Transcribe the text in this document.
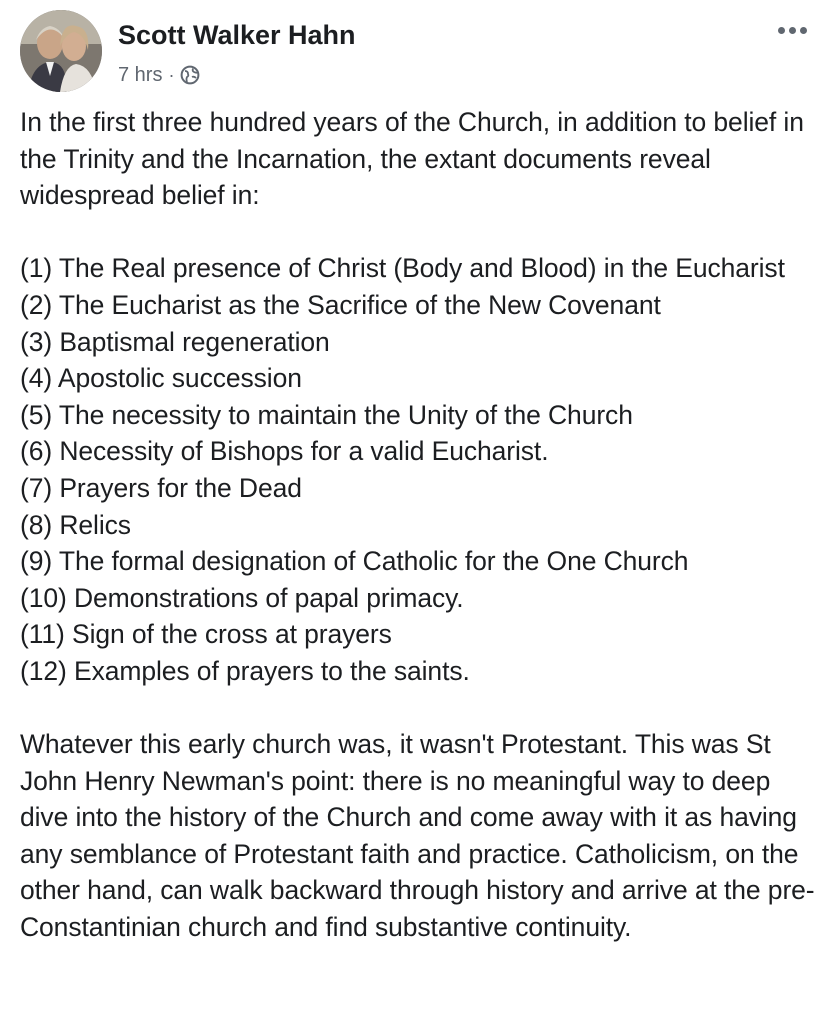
Scott Walker Hahn
7 hrs ·

In the first three hundred years of the Church, in addition to belief in the Trinity and the Incarnation, the extant documents reveal widespread belief in:

(1) The Real presence of Christ (Body and Blood) in the Eucharist

(2) The Eucharist as the Sacrifice of the New Covenant

(3) Baptismal regeneration

(4) Apostolic succession

(5) The necessity to maintain the Unity of the Church

(6) Necessity of Bishops for a valid Eucharist.

(7) Prayers for the Dead

(8) Relics

(9) The formal designation of Catholic for the One Church

(10) Demonstrations of papal primacy.

(11) Sign of the cross at prayers

(12) Examples of prayers to the saints.

Whatever this early church was, it wasn't Protestant. This was St John Henry Newman's point: there is no meaningful way to deep dive into the history of the Church and come away with it as having any semblance of Protestant faith and practice. Catholicism, on the other hand, can walk backward through history and arrive at the pre-Constantinian church and find substantive continuity.
